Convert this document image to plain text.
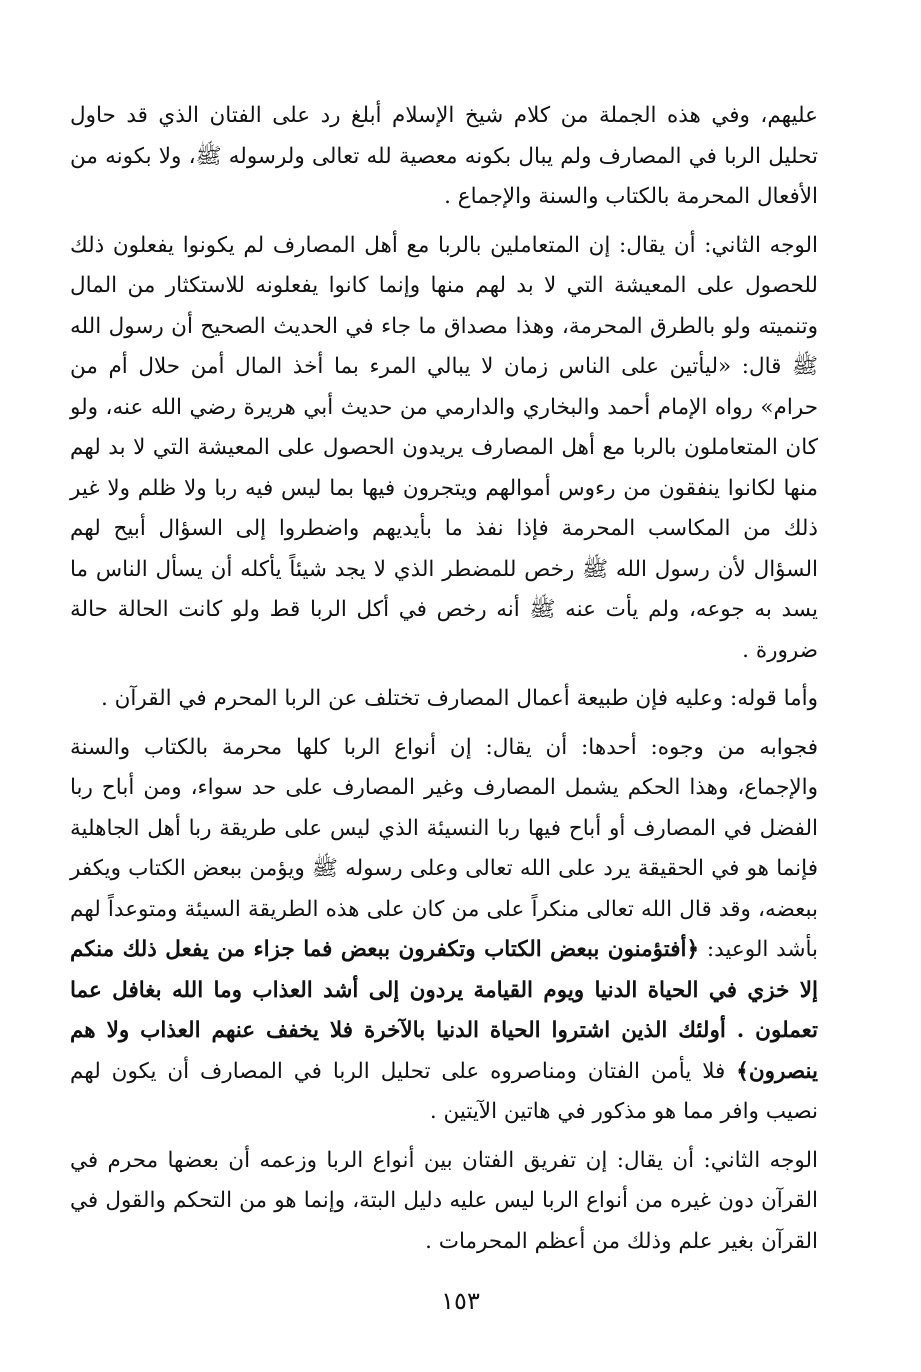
عليهم، وفي هذه الجملة من كلام شيخ الإسلام أبلغ رد على الفتان الذي قد حاول تحليل الربا في المصارف ولم يبال بكونه معصية لله تعالى ولرسوله ﷺ، ولا بكونه من الأفعال المحرمة بالكتاب والسنة والإجماع .

الوجه الثاني: أن يقال: إن المتعاملين بالربا مع أهل المصارف لم يكونوا يفعلون ذلك للحصول على المعيشة التي لا بد لهم منها وإنما كانوا يفعلونه للاستكثار من المال وتنميته ولو بالطرق المحرمة، وهذا مصداق ما جاء في الحديث الصحيح أن رسول الله ﷺ قال: «ليأتين على الناس زمان لا يبالي المرء بما أخذ المال أمن حلال أم من حرام» رواه الإمام أحمد والبخاري والدارمي من حديث أبي هريرة رضي الله عنه، ولو كان المتعاملون بالربا مع أهل المصارف يريدون الحصول على المعيشة التي لا بد لهم منها لكانوا ينفقون من رءوس أموالهم ويتجرون فيها بما ليس فيه ربا ولا ظلم ولا غير ذلك من المكاسب المحرمة فإذا نفذ ما بأيديهم واضطروا إلى السؤال أبيح لهم السؤال لأن رسول الله ﷺ رخص للمضطر الذي لا يجد شيئاً يأكله أن يسأل الناس ما يسد به جوعه، ولم يأت عنه ﷺ أنه رخص في أكل الربا قط ولو كانت الحالة حالة ضرورة .

وأما قوله: وعليه فإن طبيعة أعمال المصارف تختلف عن الربا المحرم في القرآن .

فجوابه من وجوه: أحدها: أن يقال: إن أنواع الربا كلها محرمة بالكتاب والسنة والإجماع، وهذا الحكم يشمل المصارف وغير المصارف على حد سواء، ومن أباح ربا الفضل في المصارف أو أباح فيها ربا النسيئة الذي ليس على طريقة ربا أهل الجاهلية فإنما هو في الحقيقة يرد على الله تعالى وعلى رسوله ﷺ ويؤمن ببعض الكتاب ويكفر ببعضه، وقد قال الله تعالى منكراً على من كان على هذه الطريقة السيئة ومتوعداً لهم بأشد الوعيد: ﴿أفتؤمنون ببعض الكتاب وتكفرون ببعض فما جزاء من يفعل ذلك منكم إلا خزي في الحياة الدنيا ويوم القيامة يردون إلى أشد العذاب وما الله بغافل عما تعملون . أولئك الذين اشتروا الحياة الدنيا بالآخرة فلا يخفف عنهم العذاب ولا هم ينصرون﴾ فلا يأمن الفتان ومناصروه على تحليل الربا في المصارف أن يكون لهم نصيب وافر مما هو مذكور في هاتين الآيتين .

الوجه الثاني: أن يقال: إن تفريق الفتان بين أنواع الربا وزعمه أن بعضها محرم في القرآن دون غيره من أنواع الربا ليس عليه دليل البتة، وإنما هو من التحكم والقول في القرآن بغير علم وذلك من أعظم المحرمات .

١٥٣
